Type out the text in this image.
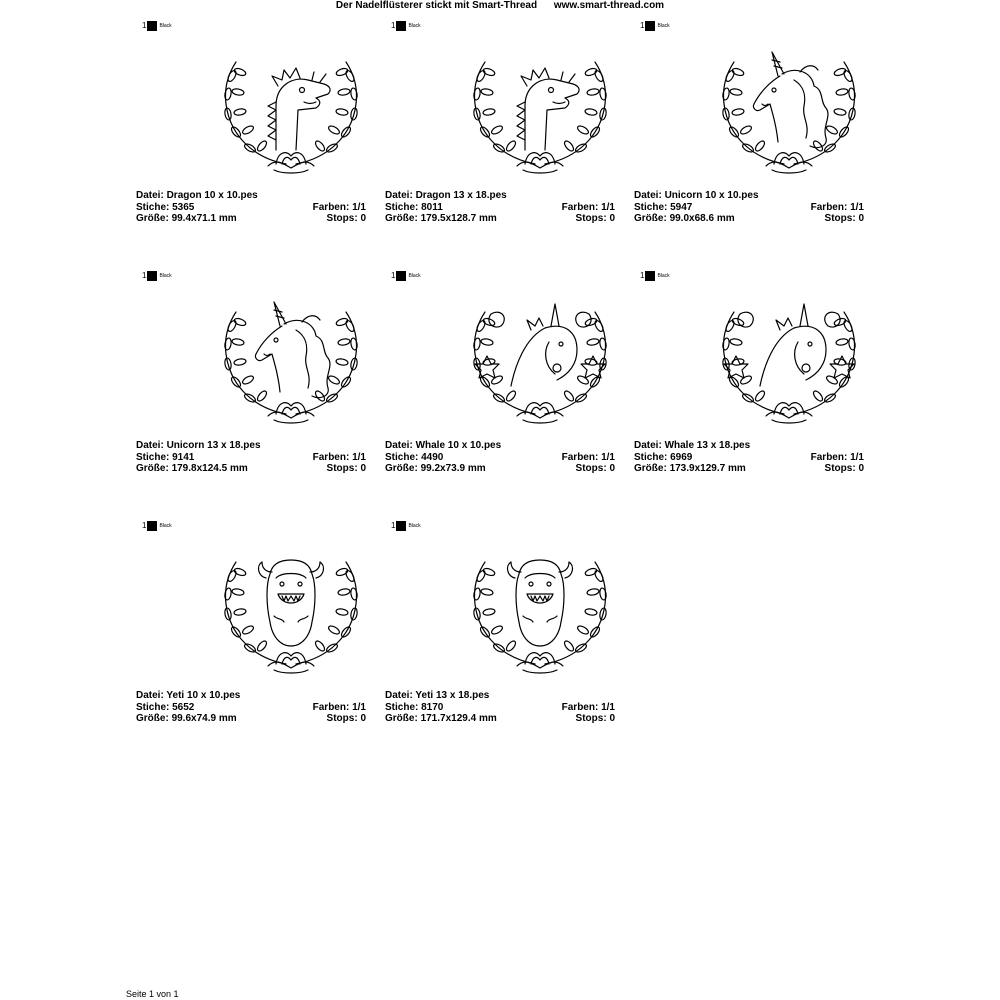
Der Nadelflüsterer stickt mit Smart-Thread www.smart-thread.com
1	Black
Datei: Dragon 10 x 10.pes
Stiche: 5365	Farben: 1/1
Größe: 99.4x71.1 mm	Stops: 0
1	Black
Datei: Dragon 13 x 18.pes
Stiche: 8011	Farben: 1/1
Größe: 179.5x128.7 mm	Stops: 0
1	Black
Datei: Unicorn 10 x 10.pes
Stiche: 5947	Farben: 1/1
Größe: 99.0x68.6 mm	Stops: 0
1	Black
Datei: Unicorn 13 x 18.pes
Stiche: 9141	Farben: 1/1
Größe: 179.8x124.5 mm	Stops: 0
1	Black
Datei: Whale 10 x 10.pes
Stiche: 4490	Farben: 1/1
Größe: 99.2x73.9 mm	Stops: 0
1	Black
Datei: Whale 13 x 18.pes
Stiche: 6969	Farben: 1/1
Größe: 173.9x129.7 mm	Stops: 0
1	Black
Datei: Yeti 10 x 10.pes
Stiche: 5652	Farben: 1/1
Größe: 99.6x74.9 mm	Stops: 0
1	Black
Datei: Yeti 13 x 18.pes
Stiche: 8170	Farben: 1/1
Größe: 171.7x129.4 mm	Stops: 0
Seite 1 von 1
